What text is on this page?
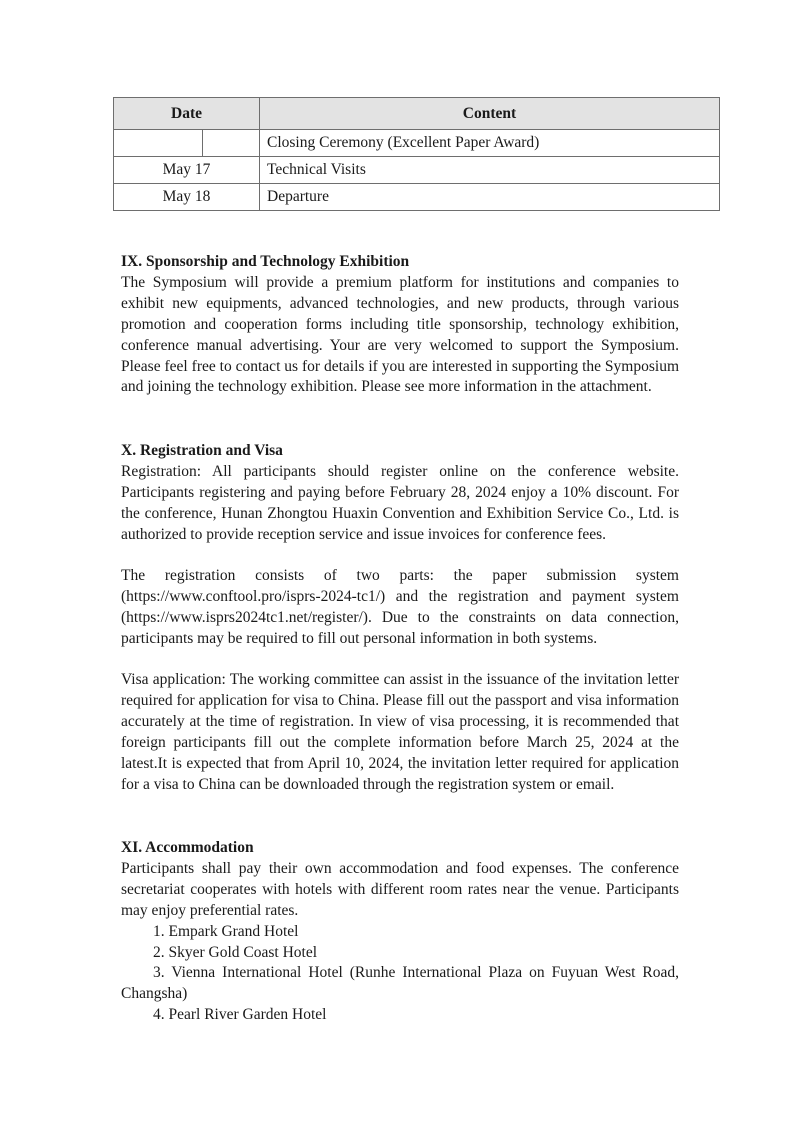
Date		Content
		Closing Ceremony (Excellent Paper Award)
May 17		Technical Visits
May 18		Departure
IX. Sponsorship and Technology Exhibition

The Symposium will provide a premium platform for institutions and companies to exhibit new equipments, advanced technologies, and new products, through various promotion and cooperation forms including title sponsorship, technology exhibition, conference manual advertising. Your are very welcomed to support the Symposium. Please feel free to contact us for details if you are interested in supporting the Symposium and joining the technology exhibition. Please see more information in the attachment.

X. Registration and Visa

Registration: All participants should register online on the conference website. Participants registering and paying before February 28, 2024 enjoy a 10% discount. For the conference, Hunan Zhongtou Huaxin Convention and Exhibition Service Co., Ltd. is authorized to provide reception service and issue invoices for conference fees.

The registration consists of two parts: the paper submission system (https://www.conftool.pro/isprs-2024-tc1/) and the registration and payment system (https://www.isprs2024tc1.net/register/). Due to the constraints on data connection, participants may be required to fill out personal information in both systems.

Visa application: The working committee can assist in the issuance of the invitation letter required for application for visa to China. Please fill out the passport and visa information accurately at the time of registration. In view of visa processing, it is recommended that foreign participants fill out the complete information before March 25, 2024 at the latest.It is expected that from April 10, 2024, the invitation letter required for application for a visa to China can be downloaded through the registration system or email.

XI. Accommodation

Participants shall pay their own accommodation and food expenses. The conference secretariat cooperates with hotels with different room rates near the venue. Participants may enjoy preferential rates.

1. Empark Grand Hotel
2. Skyer Gold Coast Hotel
3. Vienna International Hotel (Runhe International Plaza on Fuyuan West Road, Changsha)
4. Pearl River Garden Hotel
